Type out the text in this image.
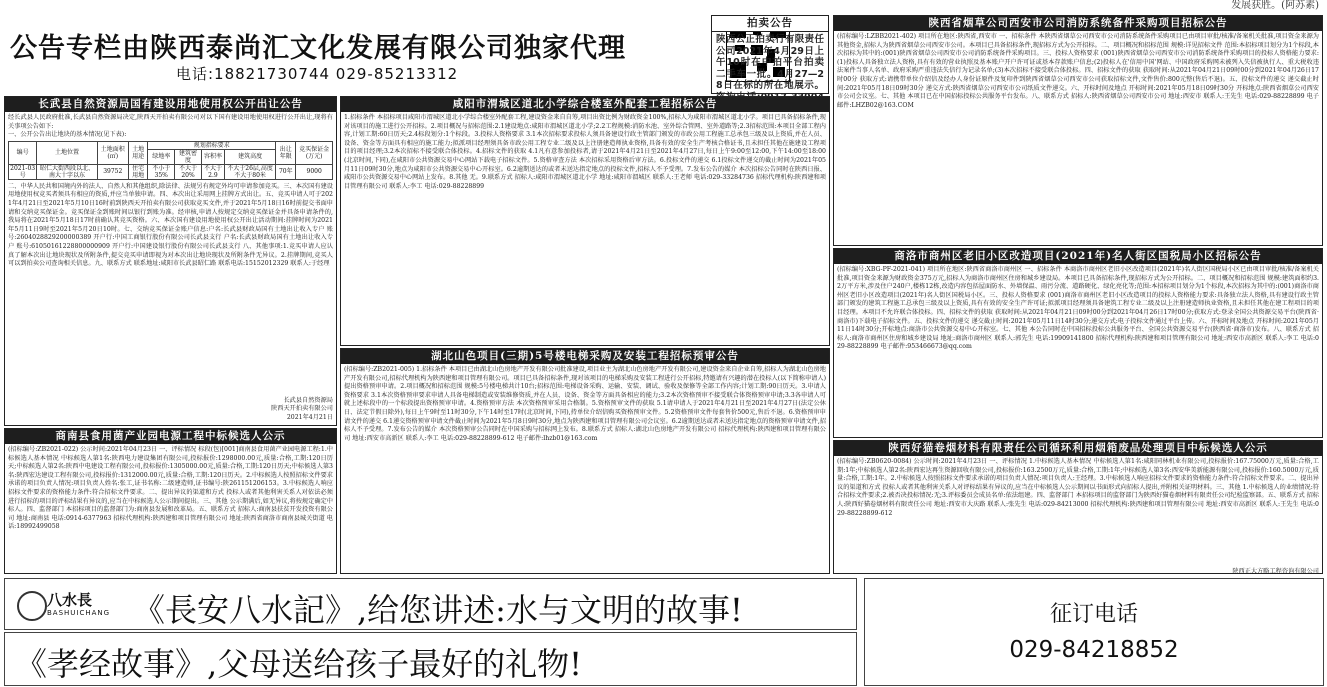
发展获胜。(阿苏素)
公告专栏由陕西泰尚汇文化发展有限公司独家代理
电话:18821730744 029-85213312
拍卖公告
陕西公正拍卖行有限责任公司2021年4月29日上午10时在中拍平台拍卖二手车一批。4月27—28日在标的所在地展示。
长武县自然资源局国有建设用地使用权公开出让公告
经长武县人民政府批准,长武县自然资源局决定,陕西天开拍卖有限公司对以下国有建设用地使用权进行公开出让,现将有关事项公告如下:
一、公开公告出让地块的基本情况(见下表):
编号	土地位置	土地面积(㎡)	土地用途	规划指标要求				出让年限	竞买保证金(万元)
				绿地率	建筑密度	容积率	建筑高度		
2021-03号	昭仁大街西段以北、南大十字以东	39752	住宅用地	不小于35%	不大于20%	不大于2.9	不大于26层,高度不大于80米	70年	9000
二、中华人民共和国境内外的法人、自然人和其他组织,除法律、法规另有规定外均可申请参加竞买。三、本次国有建设用地使用权竞买者须具有相应的资质,并应当单独申请。四、本次出让采用网上挂牌方式出让。五、竞买申请人可于2021年4月21日至2021年5月10日16时前到陕西天开拍卖有限公司获取竞买文件,并于2021年5月18日16时前提交书面申请和交纳竞买保证金。竞买保证金到账时间以银行到账为准。经审核,申请人按规定交纳竞买保证金并具备申请条件的,我局将在2021年5月18日17时前确认其竞买资格。六、本次国有建设用地使用权公开出让活动期间:挂牌时间为2021年5月11日9时至2021年5月20日10时。七、交纳竞买保证金账户信息:户名:长武县财政局国有土地出让收入专户 账号:2604028829200000389 开户行:中国工商银行股份有限公司长武县支行 户名:长武县财政局国有土地出让收入专户 账号:61050161228800000909 开户行:中国建设银行股份有限公司长武县支行 八、其他事项:1.竞买申请人应认真了解本次出让地块现状及所附条件,提交竞买申请即视为对本次出让地块现状及所附条件无异议。2.挂牌期间,竞买人可以到拍卖公司查询相关信息。九、联系方式 联系地址:咸阳市长武县昭仁路 联系电话:15152012329 联系人:于经理
长武县自然资源局
陕西天开拍卖有限公司
2021年4月21日
商南县食用菌产业园电源工程中标候选人公示
(招标编号:ZB2021-022) 公示时间:2021年04月23日 一、评标情况 标段(包)[001]商南县食用菌产业园电源工程:1.中标候选人基本情况 中标候选人第1名:陕西电力建设集团有限公司,投标报价:1298000.00元,质量:合格,工期:120日历天;中标候选人第2名:陕西中电建设工程有限公司,投标报价:1305000.00元,质量:合格,工期:120日历天;中标候选人第3名:陕西宏达建设工程有限公司,投标报价:1312000.00元,质量:合格,工期:120日历天。2.中标候选人按照招标文件要求承诺的项目负责人情况:项目负责人姓名:张工,证书名称:二级建造师,证书编号:陕261151206153。3.中标候选人响应招标文件要求的资格能力条件:符合招标文件要求。二、提出异议的渠道和方式 投标人或者其他利害关系人对依法必须进行招标的项目的评标结果有异议的,应当在中标候选人公示期间提出。三、其他 公示期满后,如无异议,将按规定确定中标人。四、监督部门 本招标项目的监督部门为:商南县发展和改革局。五、联系方式 招标人:商南县扶贫开发投资有限公司 地址:商南县 电话:0914-6377963 招标代理机构:陕西建和项目管理有限公司 地址:陕西省商洛市商南县城关街道 电话:18992499058
咸阳市渭城区道北小学综合楼室外配套工程招标公告
1.招标条件 本招标项目咸阳市渭城区道北小学综合楼室外配套工程,建设资金来自自筹,项目出资比例为财政资金100%,招标人为咸阳市渭城区道北小学。项目已具备招标条件,现对该项目的施工进行公开招标。2.项目概况与招标范围:2.1建设地点:咸阳市渭城区道北小学;2.2工程规模:消防水池、室外综合管网、室外道路等;2.3招标范围:本项目全部工程内容,计划工期:60日历天;2.4标段划分:1个标段。3.投标人资格要求 3.1本次招标要求投标人须具备建设行政主管部门颁发的市政公用工程施工总承包三级及以上资质,并在人员、设备、资金等方面具有相应的施工能力;拟派项目经理须具备市政公用工程专业二级及以上注册建造师执业资格,具备有效的安全生产考核合格证书,且未担任其他在施建设工程项目的项目经理;3.2本次招标不接受联合体投标。4.招标文件的获取 4.1凡有意参加投标者,请于2021年4月21日至2021年4月27日,每日上午9:00至12:00,下午14:00至18:00(北京时间,下同),在咸阳市公共资源交易中心网站下载电子招标文件。5.资格审查方法 本次招标采用资格后审方法。6.投标文件的递交 6.1投标文件递交的截止时间为2021年05月11日09时30分,地点为咸阳市公共资源交易中心开标室。6.2逾期送达的或者未送达指定地点的投标文件,招标人不予受理。7.发布公告的媒介 本次招标公告同时在陕西日报、咸阳市公共资源交易中心网站上发布。8.其他 无。9.联系方式 招标人:咸阳市渭城区道北小学 地址:咸阳市渭城区 联系人:王老师 电话:029-33284736 招标代理机构:陕西建和项目管理有限公司 联系人:李工 电话:029-88228899
湖北山色项目(三期)5号楼电梯采购及安装工程招标预审公告
(招标编号:ZB2021-005) 1.招标条件 本项目已由湖北山色房地产开发有限公司批准建设,项目业主为湖北山色房地产开发有限公司,建设资金来自企业自筹,招标人为湖北山色房地产开发有限公司,招标代理机构为陕西建和项目管理有限公司。项目已具备招标条件,现对该项目的电梯采购及安装工程进行公开招标,特邀请有兴趣的潜在投标人(以下简称申请人)提出资格预审申请。2.项目概况和招标范围 规模:5号楼电梯共计10台;招标范围:电梯设备采购、运输、安装、调试、验收及保修等全部工作内容;计划工期:90日历天。3.申请人资格要求 3.1本次资格预审要求申请人具备电梯制造或安装维修资质,并在人员、设备、资金等方面具备相应的能力;3.2本次资格预审不接受联合体资格预审申请;3.3各申请人可就上述标段中的一个标段提出资格预审申请。4.资格预审方法 本次资格预审采用合格制。5.资格预审文件的获取 5.1请申请人于2021年4月21日至2021年4月27日(法定公休日、法定节假日除外),每日上午9时至11时30分,下午14时至17时(北京时间,下同),持单位介绍信购买资格预审文件。5.2资格预审文件每套售价500元,售后不退。6.资格预审申请文件的递交 6.1递交资格预审申请文件截止时间为2021年5月8日9时30分,地点为陕西建和项目管理有限公司会议室。6.2逾期送达或者未送达指定地点的资格预审申请文件,招标人不予受理。7.发布公告的媒介 本次资格预审公告同时在中国采购与招标网上发布。8.联系方式 招标人:湖北山色房地产开发有限公司 招标代理机构:陕西建和项目管理有限公司 地址:西安市高新区 联系人:李工 电话:029-88228899-612 电子邮件:lhzb01@163.com
陕西省烟草公司西安市公司消防系统备件采购项目招标公告
(招标编号:LZBB2021-402) 项目所在地区:陕西省,西安市 一、招标条件 本陕西省烟草公司西安市公司消防系统备件采购项目已由项目审批/核准/备案机关批准,项目资金来源为其他资金,招标人为陕西省烟草公司西安市公司。本项目已具备招标条件,现招标方式为公开招标。二、项目概况和招标范围 规模:详见招标文件 范围:本招标项目划分为1个标段,本次招标为其中的:(001)陕西省烟草公司西安市公司消防系统备件采购项目。三、投标人资格要求 (001)陕西省烟草公司西安市公司消防系统备件采购项目的投标人资格能力要求:(1)投标人具备独立法人资格,具有有效的营业执照及基本账户开户许可证或基本存款账户信息;(2)投标人在'信用中国'网站、中国政府采购网未被列入失信被执行人、重大税收违法案件当事人名单、政府采购严重违法失信行为记录名单;(3)本次招标不接受联合体投标。四、招标文件的获取 获取时间:从2021年04月21日09时00分到2021年04月26日17时00分 获取方式:请携带单位介绍信及经办人身份证原件及复印件到陕西省烟草公司西安市公司获取招标文件,文件售价:800元整(售后不退)。五、投标文件的递交 递交截止时间:2021年05月18日09时30分 递交方式:陕西省烟草公司西安市公司纸质文件递交。六、开标时间及地点 开标时间:2021年05月18日09时30分 开标地点:陕西省烟草公司西安市公司会议室。七、其他 本项目已在中国招标投标公共服务平台发布。八、联系方式 招标人:陕西省烟草公司西安市公司 地址:西安市 联系人:王先生 电话:029-88228899 电子邮件:LHZB02@163.COM
商洛市商州区老旧小区改造项目(2021年)名人街区国税局小区招标公告
(招标编号:XBG-PF-2021-041) 项目所在地区:陕西省商洛市商州区 一、招标条件 本商洛市商州区老旧小区改造项目(2021年)名人街区国税局小区已由项目审批/核准/备案机关批准,项目资金来源为财政资金375万元,招标人为商洛市商州区住房和城乡建设局。本项目已具备招标条件,现招标方式为公开招标。二、项目概况和招标范围 规模:建筑面积约3.2万平方米,涉及住户240户,楼栋12栋,改造内容包括屋面防水、外墙保温、雨污分流、道路硬化、绿化亮化等;范围:本招标项目划分为1个标段,本次招标为其中的:(001)商洛市商州区老旧小区改造项目(2021年)名人街区国税局小区。三、投标人资格要求 (001)商洛市商州区老旧小区改造项目的投标人资格能力要求:具备独立法人资格,具有建设行政主管部门颁发的建筑工程施工总承包三级及以上资质,具有有效的安全生产许可证;拟派项目经理须具备建筑工程专业二级及以上注册建造师执业资格,且未担任其他在建工程项目的项目经理。本项目不允许联合体投标。四、招标文件的获取 获取时间:从2021年04月21日09时00分到2021年04月26日17时00分;获取方式:登录全国公共资源交易平台(陕西省·商洛市)下载电子招标文件。五、投标文件的递交 递交截止时间:2021年05月11日14时30分;递交方式:电子投标文件通过平台上传。六、开标时间及地点 开标时间:2021年05月11日14时30分;开标地点:商洛市公共资源交易中心开标室。七、其他 本公告同时在中国招标投标公共服务平台、全国公共资源交易平台(陕西省·商洛市)发布。八、联系方式 招标人:商洛市商州区住房和城乡建设局 地址:商洛市商州区 联系人:郭先生 电话:19909141800 招标代理机构:陕西建和项目管理有限公司 地址:西安市高新区 联系人:李工 电话:029-88228899 电子邮件:953466673@qq.com
陕西好猫卷烟材料有限责任公司循环利用烟箱废品处理项目中标候选人公示
(招标编号:ZB0620-0084) 公示时间:2021年4月23日 一、评标情况 1.中标候选人基本情况 中标候选人第1名:咸阳同林机业有限公司,投标报价:167.75000万元,质量:合格,工期:1年;中标候选人第2名:陕西宏达再生资源回收有限公司,投标报价:163.2500万元,质量:合格,工期:1年;中标候选人第3名:西安华美新能源有限公司,投标报价:160.5000万元,质量:合格,工期:1年。2.中标候选人按照招标文件要求承诺的项目负责人情况:项目负责人:王经理。3.中标候选人响应招标文件要求的资格能力条件:符合招标文件要求。二、提出异议的渠道和方式 投标人或者其他利害关系人对评标结果有异议的,应当在中标候选人公示期间以书面形式向招标人提出,并附相关证明材料。三、其他 1.中标候选人的业绩情况:符合招标文件要求;2.被否决投标情况:无;3.评标委员会成员名单:依法组建。四、监督部门 本招标项目的监督部门为陕西好猫卷烟材料有限责任公司纪检监察部。五、联系方式 招标人:陕西好猫卷烟材料有限责任公司 地址:西安市大庆路 联系人:张先生 电话:029-84213000 招标代理机构:陕西建和项目管理有限公司 地址:西安市高新区 联系人:王先生 电话:029-88228899-612
陕西正大方略工程咨询有限公司
八水長
BASHUICHANG 《長安八水記》,给您讲述:水与文明的故事!
《孝经故事》,父母送给孩子最好的礼物!
征订电话
029-84218852
